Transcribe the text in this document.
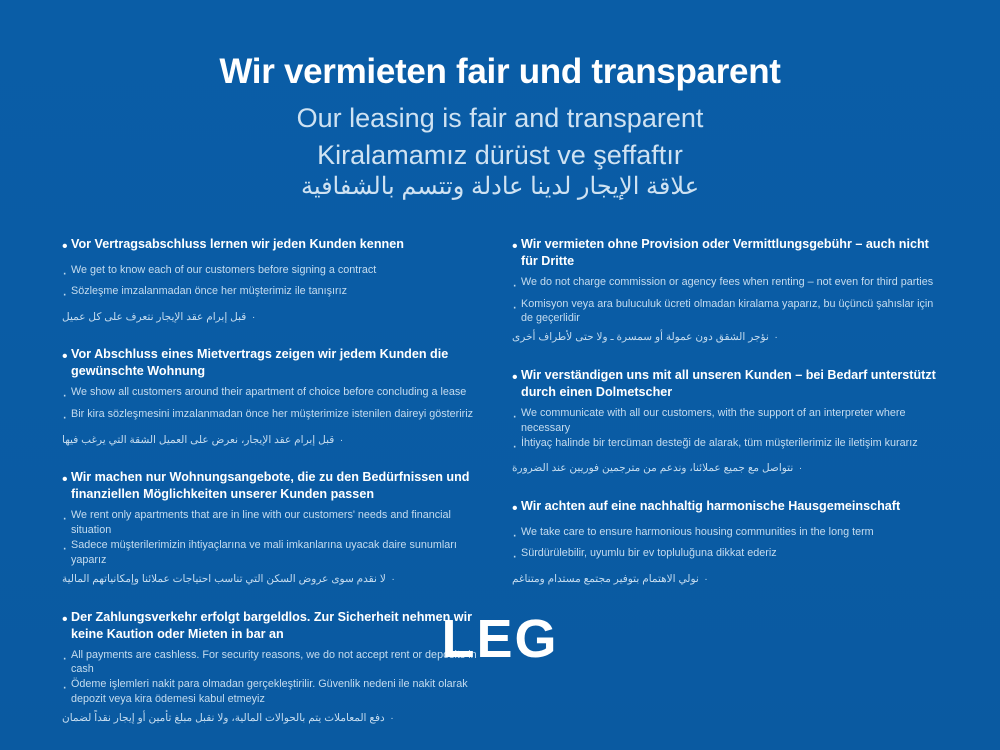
Wir vermieten fair und transparent
Our leasing is fair and transparent
Kiralamamız dürüst ve şeffaftır
علاقة الإيجار لدينا عادلة وتتسم بالشفافية
• Vor Vertragsabschluss lernen wir jeden Kunden kennen
· We get to know each of our customers before signing a contract
· Sözleşme imzalanmadan önce her müşterimiz ile tanışırız
·
قبل إبرام عقد الإيجار نتعرف على كل عميل
• Vor Abschluss eines Mietvertrags zeigen wir jedem Kunden die gewünschte Wohnung
· We show all customers around their apartment of choice before concluding a lease
· Bir kira sözleşmesini imzalanmadan önce her müşterimize istenilen daireyi gösteririz
·
قبل إبرام عقد الإيجار، نعرض على العميل الشقة التي يرغب فيها
• Wir machen nur Wohnungsangebote, die zu den Bedürfnissen und finanziellen Möglichkeiten unserer Kunden passen
· We rent only apartments that are in line with our customers' needs and financial situation
· Sadece müşterilerimizin ihtiyaçlarına ve mali imkanlarına uyacak daire sunumları yaparız
·
لا نقدم سوى عروض السكن التي تناسب احتياجات عملائنا وإمكانياتهم المالية
• Der Zahlungsverkehr erfolgt bargeldlos. Zur Sicherheit nehmen wir keine Kaution oder Mieten in bar an
· All payments are cashless. For security reasons, we do not accept rent or deposits in cash
· Ödeme işlemleri nakit para olmadan gerçekleştirilir. Güvenlik nedeni ile nakit olarak depozit veya kira ödemesi kabul etmeyiz
·
دفع المعاملات يتم بالحوالات المالية، ولا نقبل مبلغ تأمين أو إيجار نقداً لضمان
• Wir vermieten ohne Provision oder Vermittlungsgebühr – auch nicht für Dritte
· We do not charge commission or agency fees when renting – not even for third parties
· Komisyon veya ara buluculuk ücreti olmadan kiralama yaparız, bu üçüncü şahıslar için de geçerlidir
·
نؤجر الشقق دون عمولة أو سمسرة ـ ولا حتى لأطراف أخرى
• Wir verständigen uns mit all unseren Kunden – bei Bedarf unterstützt durch einen Dolmetscher
· We communicate with all our customers, with the support of an interpreter where necessary
· İhtiyaç halinde bir tercüman desteği de alarak, tüm müşterilerimiz ile iletişim kurarız
·
نتواصل مع جميع عملائنا، وندعم من مترجمين فوريين عند الضرورة
• Wir achten auf eine nachhaltig harmonische Hausgemeinschaft
· We take care to ensure harmonious housing communities in the long term
· Sürdürülebilir, uyumlu bir ev topluluğuna dikkat ederiz
·
نولي الاهتمام بتوفير مجتمع مستدام ومتناغم
LEG
